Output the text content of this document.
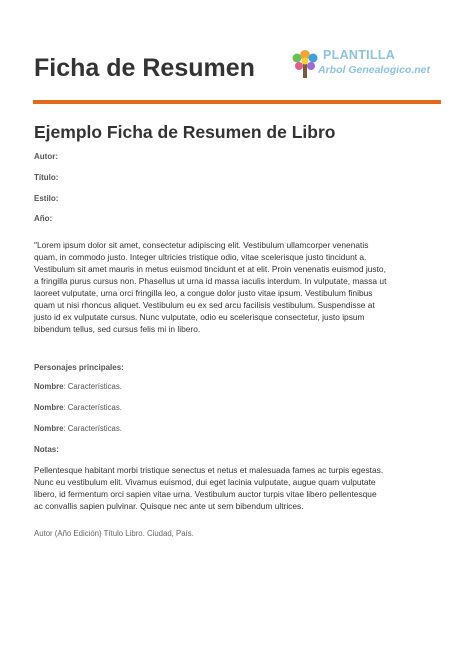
Ficha de Resumen	PLANTILLA
Arbol Genealogico.net
Ejemplo Ficha de Resumen de Libro
Autor:
Título:
Estilo:
Año:
"Lorem ipsum dolor sit amet, consectetur adipiscing elit. Vestibulum ullamcorper venenatis
quam, in commodo justo. Integer ultricies tristique odio, vitae scelerisque justo tincidunt a.
Vestibulum sit amet mauris in metus euismod tincidunt et at elit. Proin venenatis euismod justo,
a fringilla purus cursus non. Phasellus ut urna id massa iaculis interdum. In vulputate, massa ut
laoreet vulputate, urna orci fringilla leo, a congue dolor justo vitae ipsum. Vestibulum finibus
quam ut nisi rhoncus aliquet. Vestibulum eu ex sed arcu facilisis vestibulum. Suspendisse at
justo id ex vulputate cursus. Nunc vulputate, odio eu scelerisque consectetur, justo ipsum
bibendum tellus, sed cursus felis mi in libero.
Personajes principales:
Nombre: Características.
Nombre: Características.
Nombre: Características.
Notas:
Pellentesque habitant morbi tristique senectus et netus et malesuada fames ac turpis egestas.
Nunc eu vestibulum elit. Vivamus euismod, dui eget lacinia vulputate, augue quam vulputate
libero, id fermentum orci sapien vitae urna. Vestibulum auctor turpis vitae libero pellentesque
ac convallis sapien pulvinar. Quisque nec ante ut sem bibendum ultrices.
Autor (Año Edición) Título Libro. Ciudad, País.
